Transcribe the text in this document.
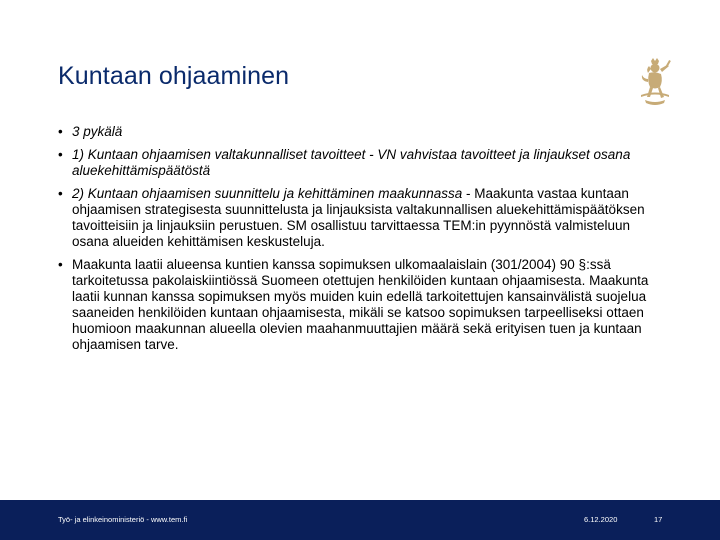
Kuntaan ohjaaminen
• 3 pykälä
• 1) Kuntaan ohjaamisen valtakunnalliset tavoitteet - VN vahvistaa tavoitteet ja linjaukset osana aluekehittämispäätöstä
• 2) Kuntaan ohjaamisen suunnittelu ja kehittäminen maakunnassa - Maakunta vastaa kuntaan ohjaamisen strategisesta suunnittelusta ja linjauksista valtakunnallisen aluekehittämispäätöksen tavoitteisiin ja linjauksiin perustuen. SM osallistuu tarvittaessa TEM:in pyynnöstä valmisteluun osana alueiden kehittämisen keskusteluja.
• Maakunta laatii alueensa kuntien kanssa sopimuksen ulkomaalaislain (301/2004) 90 §:ssä tarkoitetussa pakolaiskiintiössä Suomeen otettujen henkilöiden kuntaan ohjaamisesta. Maakunta laatii kunnan kanssa sopimuksen myös muiden kuin edellä tarkoitettujen kansainvälistä suojelua saaneiden henkilöiden kuntaan ohjaamisesta, mikäli se katsoo sopimuksen tarpeelliseksi ottaen huomioon maakunnan alueella olevien maahanmuuttajien määrä sekä erityisen tuen ja kuntaan ohjaamisen tarve.
Työ- ja elinkeinoministeriö - www.tem.fi	6.12.2020	17
